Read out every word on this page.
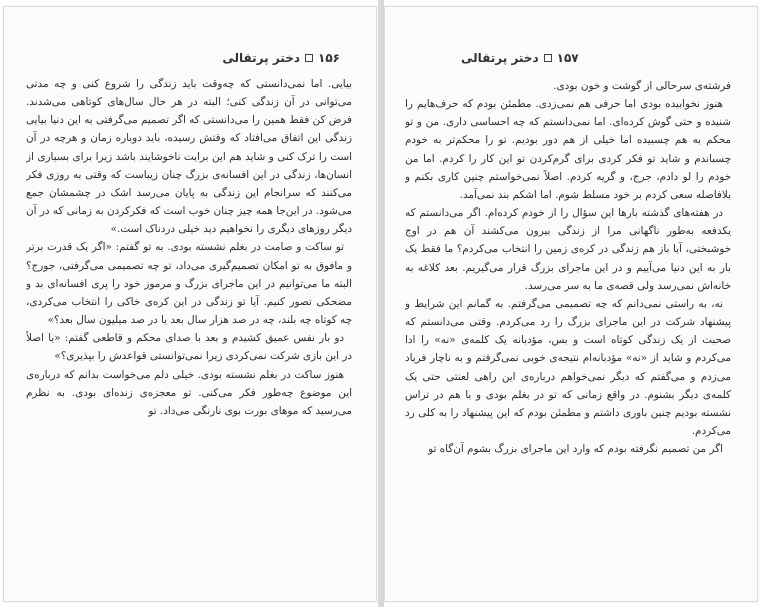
دختر پرتقالی ۱۵۶

بیایی. اما نمی‌دانستی که چه‌وقت باید زندگی را شروع کنی و چه مدتی می‌توانی در آن زندگی کنی؛ البته در هر حال سال‌های کوتاهی می‌شدند. فرض کن فقط همین را می‌دانستی که اگر تصمیم می‌گرفتی به این دنیا بیایی زندگی این اتفاق می‌افتاد که وقتش رسیده، باید دوباره زمان و هرچه در آن است را ترک کنی و شاید هم این برایت ناخوشایند باشد زیرا برای بسیاری از انسان‌ها، زندگی در این افسانه‌ی بزرگ چنان زیباست که وقتی به روزی فکر می‌کنند که سرانجام این زندگی به پایان می‌رسد اشک در چشمشان جمع می‌شود. در این‌جا همه چیز چنان خوب است که فکرکردن به زمانی که در آن دیگر روزهای دیگری را نخواهیم دید خیلی دردناک است.»

تو ساکت و صامت در بغلم نشسته بودی. به تو گفتم: «اگر یک قدرت برتر و مافوق به تو امکان تصمیم‌گیری می‌داد، تو چه تصمیمی می‌گرفتی، جورج؟ البته ما می‌توانیم در این ماجرای بزرگ و مرموز خود را پری افسانه‌ای بد و مضحکی تصور کنیم. آیا تو زندگی در این کره‌ی خاکی را انتخاب می‌کردی، چه کوتاه چه بلند، چه در صد هزار سال بعد یا در صد میلیون سال بعد؟»

دو بار نفس عمیق کشیدم و بعد با صدای محکم و قاطعی گفتم: «یا اصلاً در این بازی شرکت نمی‌کردی زیرا نمی‌توانستی قواعدش را بپذیری؟»

هنوز ساکت در بغلم نشسته بودی. خیلی دلم می‌خواست بدانم که درباره‌ی این موضوع چه‌طور فکر می‌کنی. تو معجزه‌ی زنده‌ای بودی. به نظرم می‌رسید که موهای بورت بوی نارنگی می‌داد. تو

دختر پرتقالی ۱۵۷

فرشته‌ی سرحالی از گوشت و خون بودی.

هنوز نخوابیده بودی اما حرفی هم نمی‌زدی. مطمئن بودم که حرف‌هایم را شنیده و حتی گوش کرده‌ای. اما نمی‌دانستم که چه احساسی داری. من و تو محکم به هم چسبیده اما خیلی از هم دور بودیم. تو را محکم‌تر به خودم چسباندم و شاید تو فکر کردی برای گرم‌کردن تو این کار را کردم. اما من خودم را لو دادم، جرج، و گریه کردم. اصلاً نمی‌خواستم چنین کاری بکنم و بلافاصله سعی کردم بر خود مسلط شوم. اما اشکم بند نمی‌آمد.

در هفته‌های گذشته بارها این سؤال را از خودم کرده‌ام. اگر می‌دانستم که یکدفعه به‌طور ناگهانی مرا از زندگی بیرون می‌کشند آن هم در اوج خوشبختی، آیا باز هم زندگی در کره‌ی زمین را انتخاب می‌کردم؟ ما فقط یک بار به این دنیا می‌آییم و در این ماجرای بزرگ قرار می‌گیریم. بعد کلاغه به خانه‌اش نمی‌رسد ولی قصه‌ی ما به سر می‌رسد.

نه، به راستی نمی‌دانم که چه تصمیمی می‌گرفتم. به گمانم این شرایط و پیشنهاد شرکت در این ماجرای بزرگ را رد می‌کردم. وقتی می‌دانستم که صحبت از یک زندگی کوتاه است و بس، مؤدبانه یک کلمه‌ی «نه» را ادا می‌کردم و شاید از «نه» مؤدبانه‌ام نتیجه‌ی خوبی نمی‌گرفتم و به ناچار فریاد می‌زدم و می‌گفتم که دیگر نمی‌خواهم درباره‌ی این راهی لعنتی حتی یک کلمه‌ی دیگر بشنوم. در واقع زمانی که تو در بغلم بودی و با هم در تراس نشسته بودیم چنین باوری داشتم و مطمئن بودم که این پیشنهاد را به کلی رد می‌کردم.

اگر من تصمیم نگرفته بودم که وارد این ماجرای بزرگ بشوم آن‌گاه تو
